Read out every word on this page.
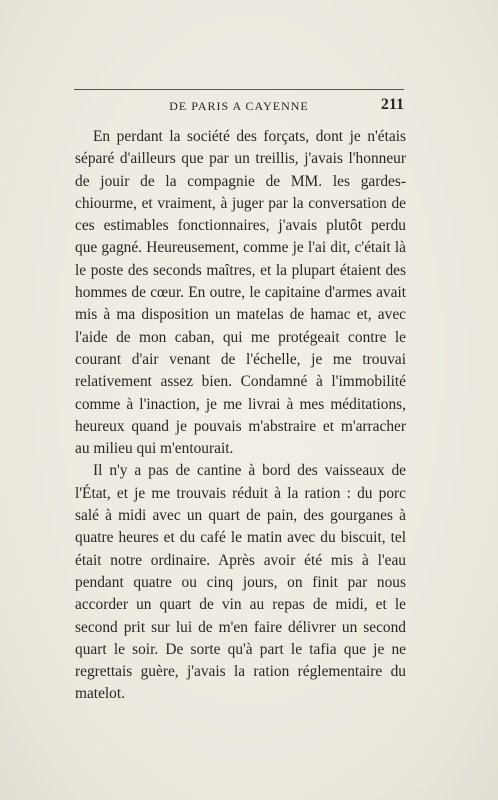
DE PARIS A CAYENNE	211

En perdant la société des forçats, dont je n'étais séparé d'ailleurs que par un treillis, j'avais l'honneur de jouir de la compagnie de MM. les gardes-chiourme, et vraiment, à juger par la conversation de ces estimables fonctionnaires, j'avais plutôt perdu que gagné. Heureusement, comme je l'ai dit, c'était là le poste des seconds maîtres, et la plupart étaient des hommes de cœur. En outre, le capitaine d'armes avait mis à ma disposition un matelas de hamac et, avec l'aide de mon caban, qui me protégeait contre le courant d'air venant de l'échelle, je me trouvai relativement assez bien. Condamné à l'immobilité comme à l'inaction, je me livrai à mes méditations, heureux quand je pouvais m'abstraire et m'arracher au milieu qui m'entourait.

Il n'y a pas de cantine à bord des vaisseaux de l'État, et je me trouvais réduit à la ration : du porc salé à midi avec un quart de pain, des gourganes à quatre heures et du café le matin avec du biscuit, tel était notre ordinaire. Après avoir été mis à l'eau pendant quatre ou cinq jours, on finit par nous accorder un quart de vin au repas de midi, et le second prit sur lui de m'en faire délivrer un second quart le soir. De sorte qu'à part le tafia que je ne regrettais guère, j'avais la ration réglementaire du matelot.
